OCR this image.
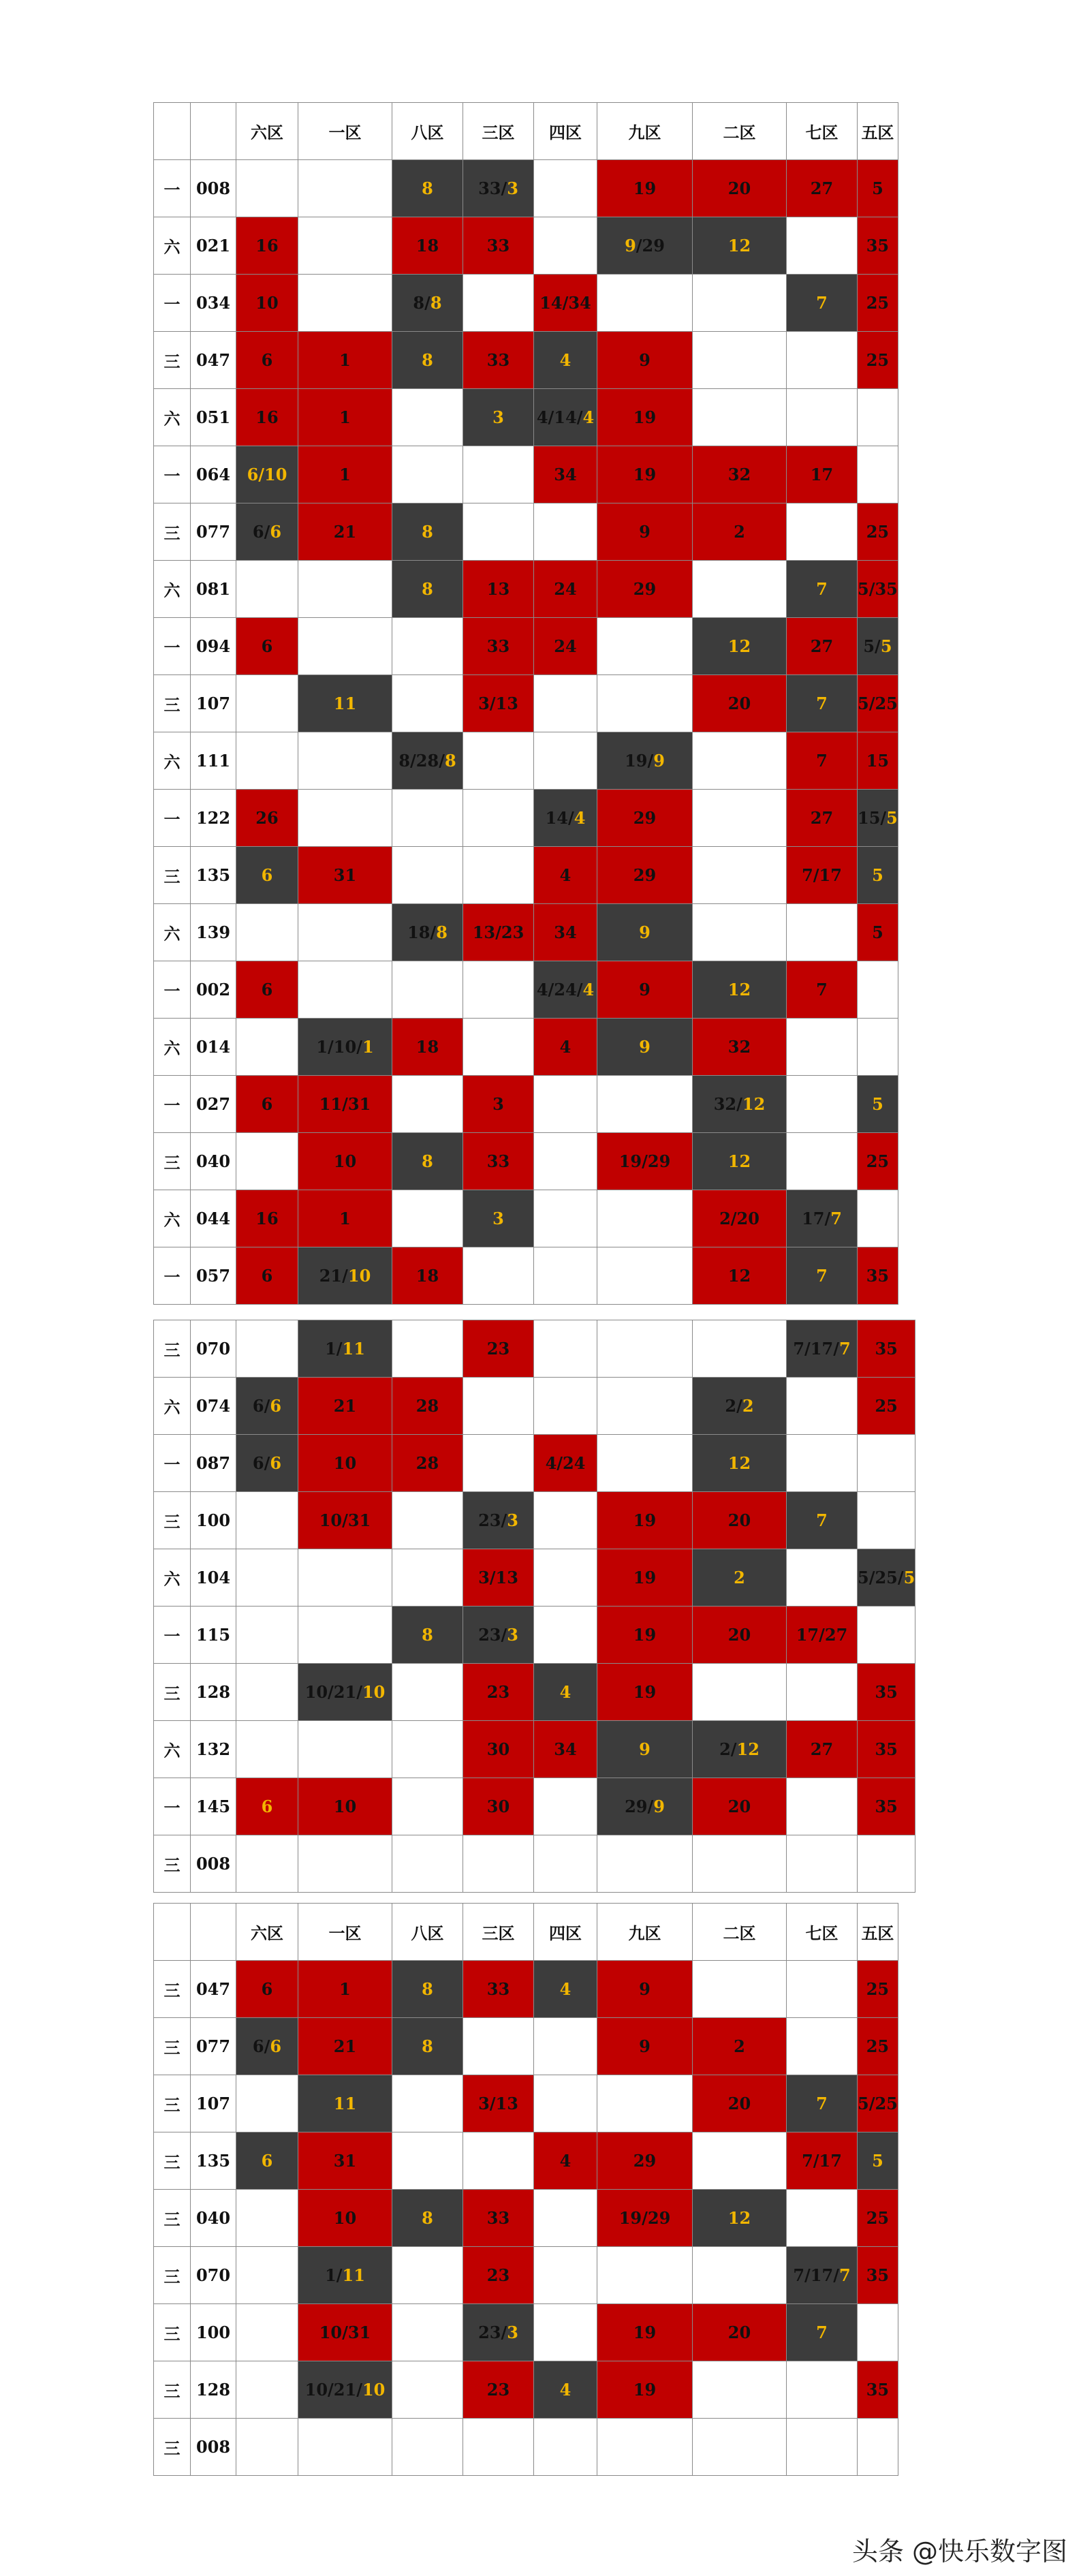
		六区	一区	八区	三区	四区	九区	二区	七区	五区
一	008			8	33/3		19	20	27	5
六	021	16		18	33		9/29	12		35
一	034	10		8/8		14/34			7	25
三	047	6	1	8	33	4	9			25
六	051	16	1		3	4/14/4	19			
一	064	6/10	1			34	19	32	17	
三	077	6/6	21	8			9	2		25
六	081			8	13	24	29		7	5/35
一	094	6			33	24		12	27	5/5
三	107		11		3/13			20	7	5/25
六	111			8/28/8			19/9		7	15
一	122	26				14/4	29		27	15/5
三	135	6	31			4	29		7/17	5
六	139			18/8	13/23	34	9			5
一	002	6				4/24/4	9	12	7	
六	014		1/10/1	18		4	9	32		
一	027	6	11/31		3			32/12		5
三	040		10	8	33		19/29	12		25
六	044	16	1		3			2/20	17/7	
一	057	6	21/10	18				12	7	35
三	070		1/11		23				7/17/7	35
六	074	6/6	21	28				2/2		25
一	087	6/6	10	28		4/24		12		
三	100		10/31		23/3		19	20	7	
六	104				3/13		19	2		5/25/5
一	115			8	23/3		19	20	17/27	
三	128		10/21/10		23	4	19			35
六	132				30	34	9	2/12	27	35
一	145	6	10		30		29/9	20		35
三	008									
		六区	一区	八区	三区	四区	九区	二区	七区	五区
三	047	6	1	8	33	4	9			25
三	077	6/6	21	8			9	2		25
三	107		11		3/13			20	7	5/25
三	135	6	31			4	29		7/17	5
三	040		10	8	33		19/29	12		25
三	070		1/11		23				7/17/7	35
三	100		10/31		23/3		19	20	7	
三	128		10/21/10		23	4	19			35
三	008									
头条 @快乐数字图
